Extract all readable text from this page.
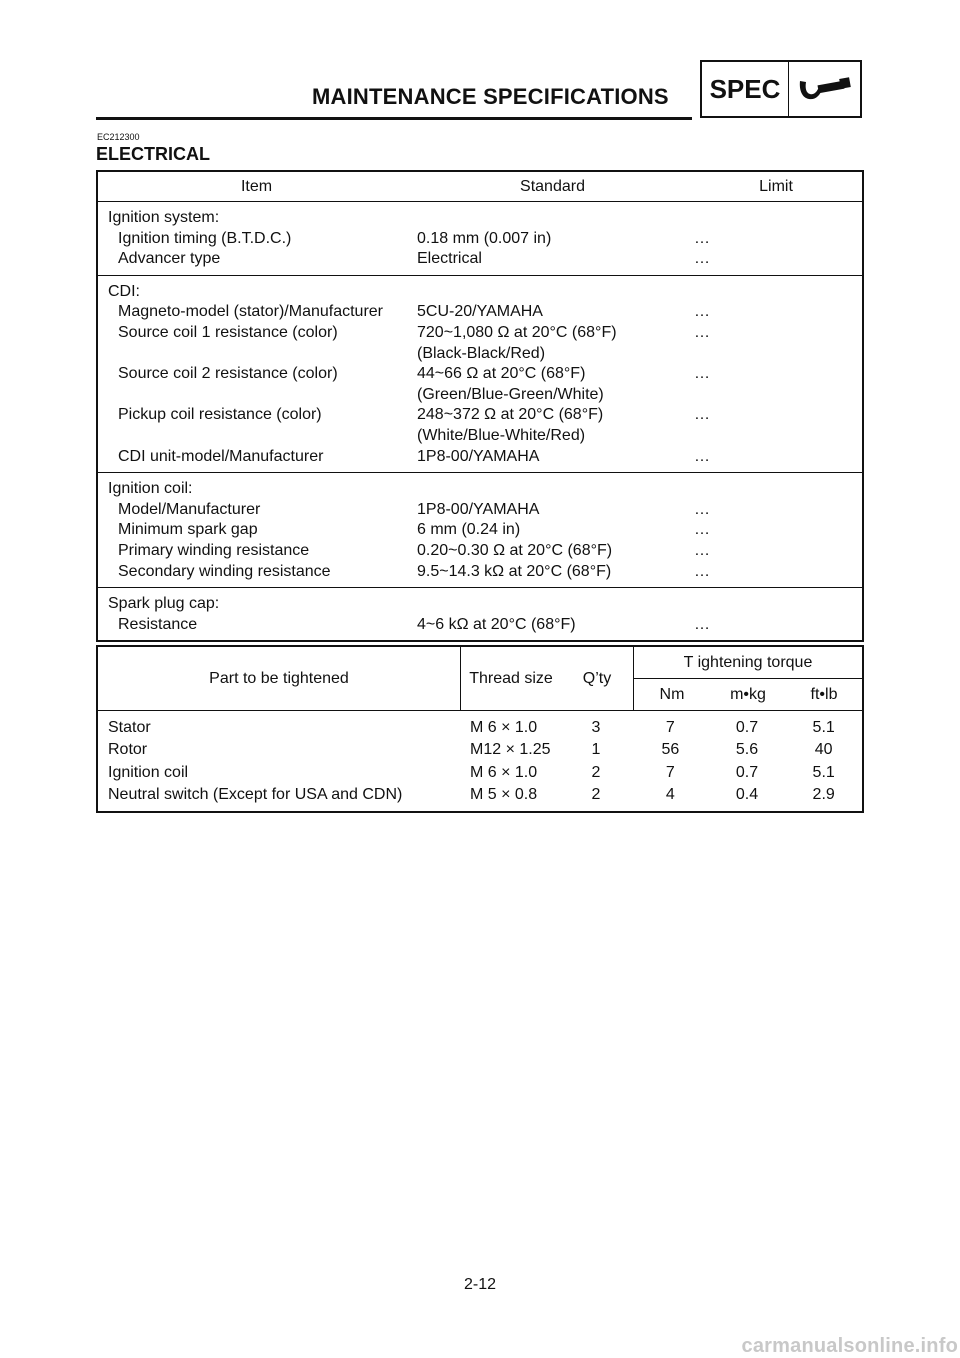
MAINTENANCE SPECIFICATIONS SPEC
EC212300
ELECTRICAL
Item	Standard	Limit
Ignition system:
Ignition timing (B.T.D.C.)	0.18 mm (0.007 in)	…
Advancer type	Electrical	…
CDI:
Magneto-model (stator)/Manufacturer	5CU-20/YAMAHA	…
Source coil 1 resistance (color)	720~1,080 Ω at 20°C (68°F)	…
(Black-Black/Red)
Source coil 2 resistance (color)	44~66 Ω at 20°C (68°F)	…
(Green/Blue-Green/White)
Pickup coil resistance (color)	248~372 Ω at 20°C (68°F)	…
(White/Blue-White/Red)
CDI unit-model/Manufacturer	1P8-00/YAMAHA	…
Ignition coil:
Model/Manufacturer	1P8-00/YAMAHA	…
Minimum spark gap	6 mm (0.24 in)	…
Primary winding resistance	0.20~0.30 Ω at 20°C (68°F)	…
Secondary winding resistance	9.5~14.3 kΩ at 20°C (68°F)	…
Spark plug cap:
Resistance	4~6 kΩ at 20°C (68°F)	…
Part to be tightened	Thread size	Q’ty
T ightening torque
Nm	m•kg	ft•lb
Stator	M 6 × 1.0	3	7	0.7	5.1
Rotor	M12 × 1.25	1	56	5.6	40
Ignition coil	M 6 × 1.0	2	7	0.7	5.1
Neutral switch (Except for USA and CDN)	M 5 × 0.8	2	4	0.4	2.9
2-12
carmanualsonline.info
